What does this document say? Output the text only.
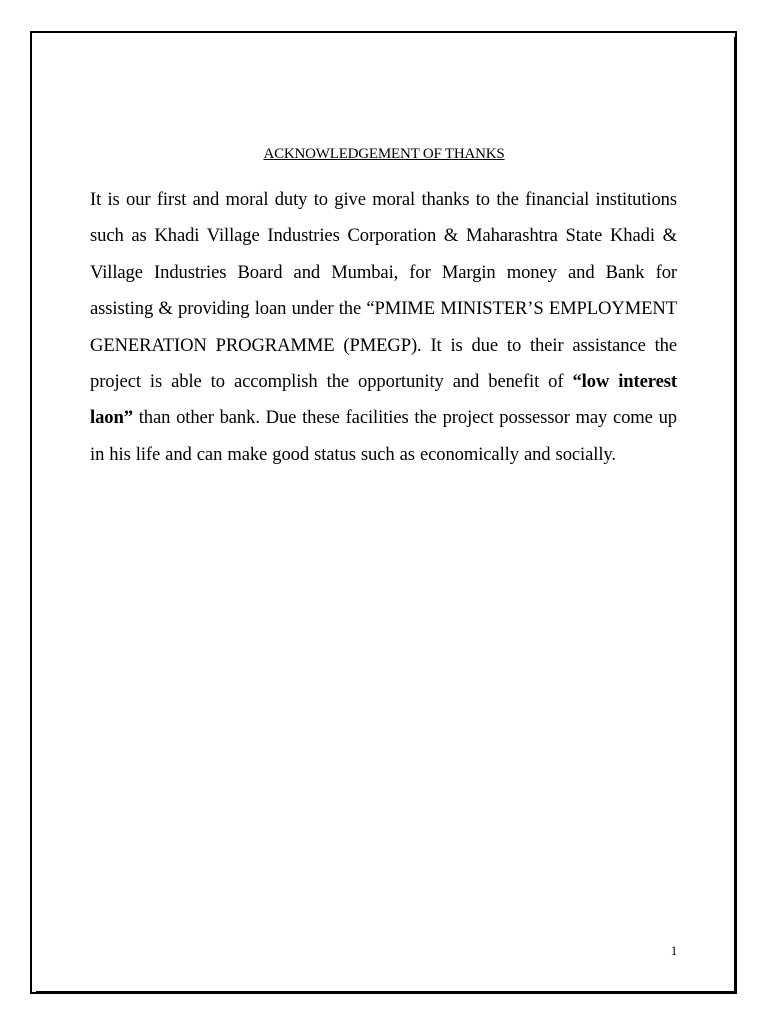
ACKNOWLEDGEMENT OF THANKS
It is our first and moral duty to give moral thanks to the financial institutions such as Khadi Village Industries Corporation & Maharashtra State Khadi & Village Industries Board and Mumbai, for Margin money and Bank for assisting & providing loan under the “PMIME MINISTER’S EMPLOYMENT GENERATION PROGRAMME (PMEGP). It is due to their assistance the project is able to accomplish the opportunity and benefit of “low interest laon” than other bank. Due these facilities the project possessor may come up in his life and can make good status such as economically and socially.
1
